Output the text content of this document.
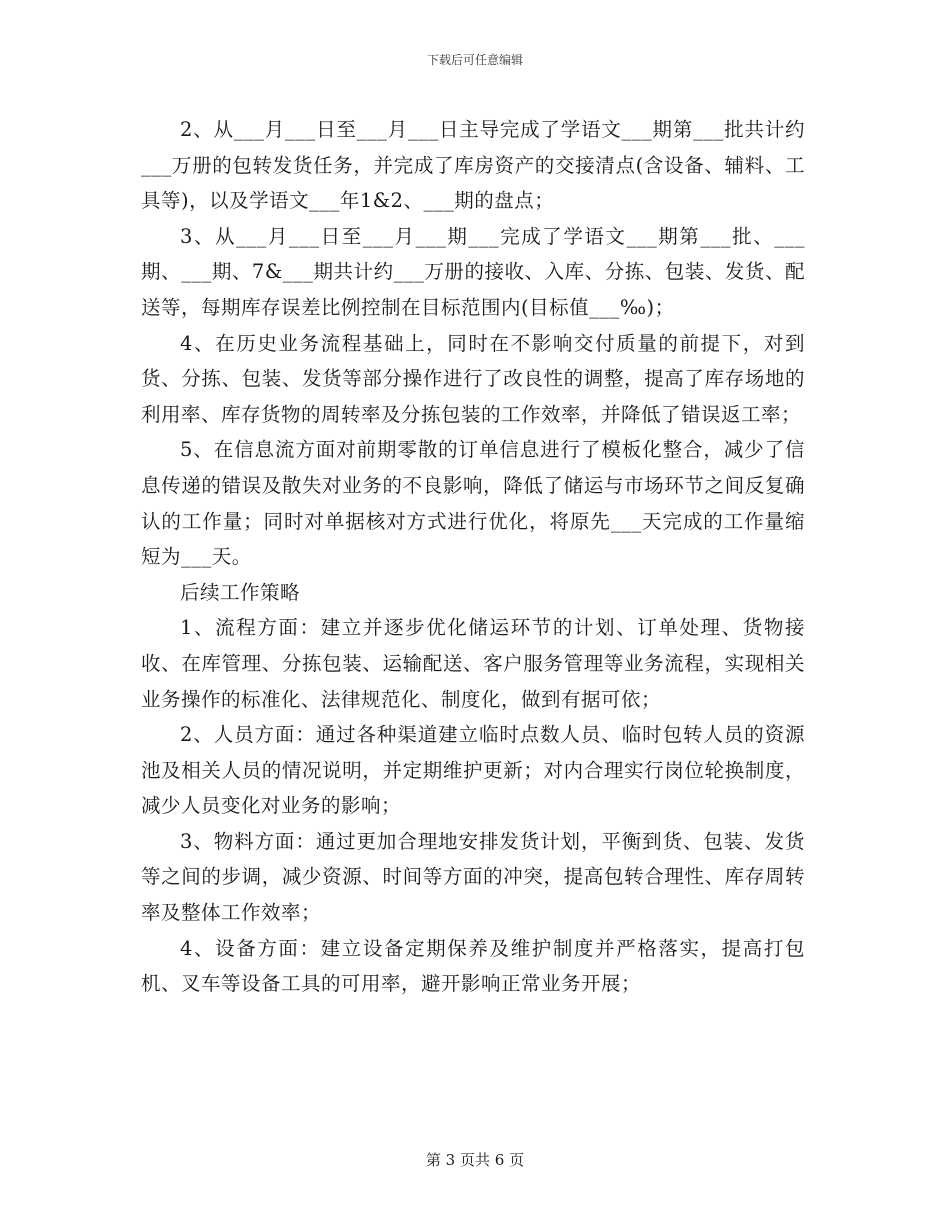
下载后可任意编辑

2、从___月___日至___月___日主导完成了学语文___期第___批共计约___万册的包转发货任务，并完成了库房资产的交接清点(含设备、辅料、工具等)，以及学语文___年1&2、___期的盘点；

3、从___月___日至___月___期___完成了学语文___期第___批、___期、___期、7&___期共计约___万册的接收、入库、分拣、包装、发货、配送等，每期库存误差比例控制在目标范围内(目标值___‰)；

4、在历史业务流程基础上，同时在不影响交付质量的前提下，对到货、分拣、包装、发货等部分操作进行了改良性的调整，提高了库存场地的利用率、库存货物的周转率及分拣包装的工作效率，并降低了错误返工率；

5、在信息流方面对前期零散的订单信息进行了模板化整合，减少了信息传递的错误及散失对业务的不良影响，降低了储运与市场环节之间反复确认的工作量；同时对单据核对方式进行优化，将原先___天完成的工作量缩短为___天。

后续工作策略

1、流程方面：建立并逐步优化储运环节的计划、订单处理、货物接收、在库管理、分拣包装、运输配送、客户服务管理等业务流程，实现相关业务操作的标准化、法律规范化、制度化，做到有据可依；

2、人员方面：通过各种渠道建立临时点数人员、临时包转人员的资源池及相关人员的情况说明，并定期维护更新；对内合理实行岗位轮换制度，减少人员变化对业务的影响；

3、物料方面：通过更加合理地安排发货计划，平衡到货、包装、发货等之间的步调，减少资源、时间等方面的冲突，提高包转合理性、库存周转率及整体工作效率；

4、设备方面：建立设备定期保养及维护制度并严格落实，提高打包机、叉车等设备工具的可用率，避开影响正常业务开展；

第 3 页共 6 页
